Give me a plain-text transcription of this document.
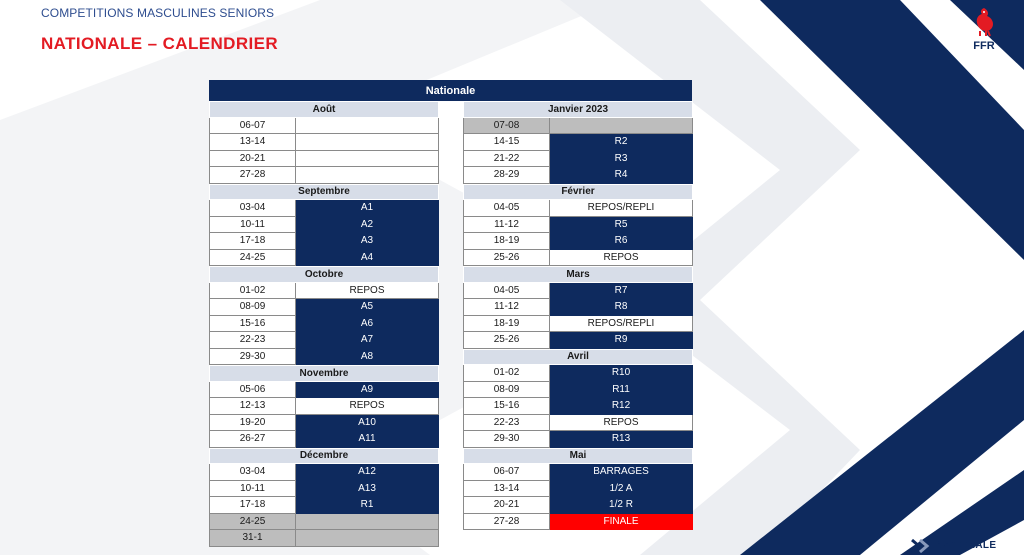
COMPETITIONS MASCULINES SENIORS
NATIONALE – CALENDRIER	FFR
NATIONALE
Nationale
Août
06-07
13-14
20-21
27-28
Septembre
03-04	A1
10-11	A2
17-18	A3
24-25	A4
Octobre
01-02	REPOS
08-09	A5
15-16	A6
22-23	A7
29-30	A8
Novembre
05-06	A9
12-13	REPOS
19-20	A10
26-27	A11
Décembre
03-04	A12
10-11	A13
17-18	R1
24-25
31-1
Janvier 2023
07-08
14-15	R2
21-22	R3
28-29	R4
Février
04-05	REPOS/REPLI
11-12	R5
18-19	R6
25-26	REPOS
Mars
04-05	R7
11-12	R8
18-19	REPOS/REPLI
25-26	R9
Avril
01-02	R10
08-09	R11
15-16	R12
22-23	REPOS
29-30	R13
Mai
06-07	BARRAGES
13-14	1/2 A
20-21	1/2 R
27-28	FINALE
